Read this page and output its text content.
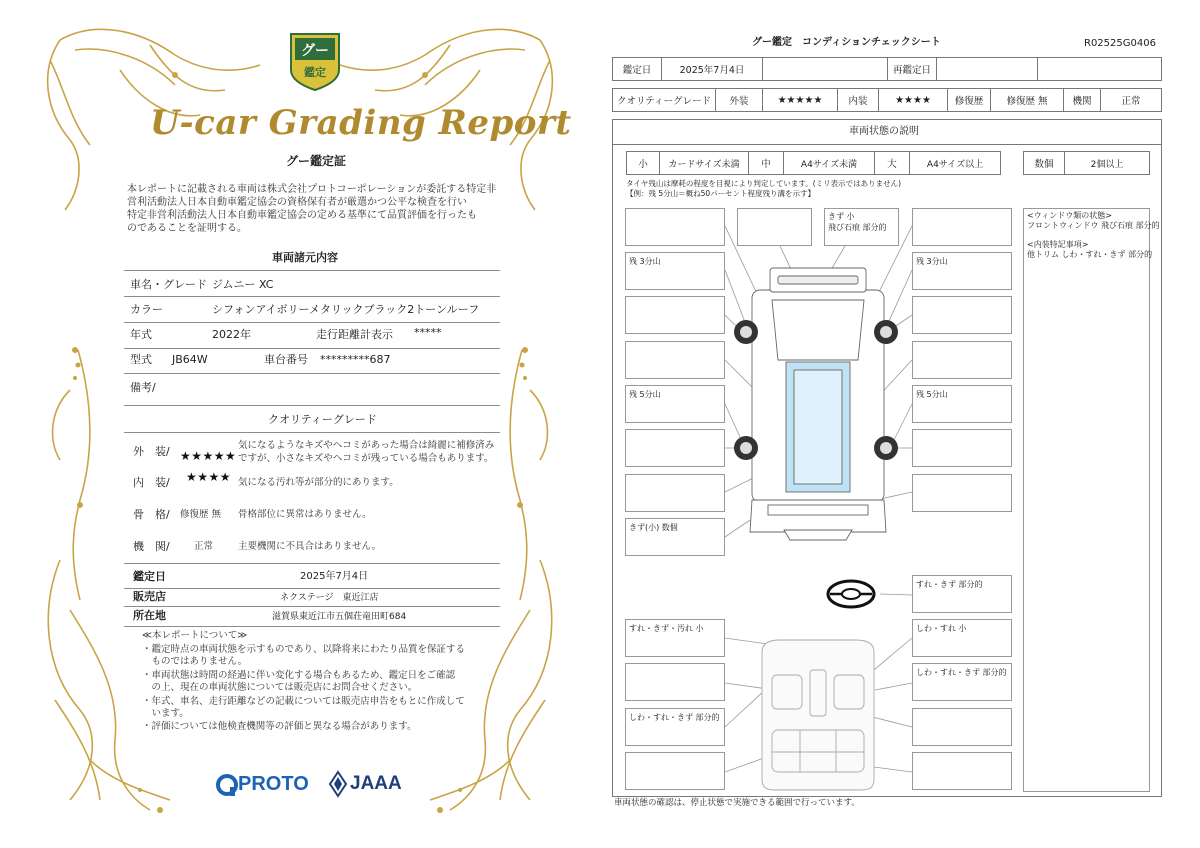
グー
鑑定
U-car Grading Report
グー鑑定証
本レポートに記載される車両は株式会社プロトコーポレーションが委託する特定非
営利活動法人日本自動車鑑定協会の資格保有者が厳選かつ公平な検査を行い
特定非営利活動法人日本自動車鑑定協会の定める基準にて品質評価を行ったも
のであることを証明する。
車両諸元内容
車名・グレード ジムニー XC
カラー	シフォンアイボリーメタリックブラック2トーンルーフ
年式	2022年	走行距離計表示 *****
型式 JB64W	車台番号 *********687
備考/
クオリティーグレード
外　装/ ★★★★★
気になるようなキズやヘコミがあった場合は綺麗に補修済み
ですが、小さなキズやヘコミが残っている場合もあります。
内　装/ ★★★★ 気になる汚れ等が部分的にあります。
骨　格/ 修復歴 無 骨格部位に異常はありません。
機　関/	正常	主要機関に不具合はありません。
鑑定日	2025年7月4日
販売店	ネクステージ　東近江店
所在地	滋賀県東近江市五個荘竜田町684
≪本レポートについて≫
・鑑定時点の車両状態を示すものであり、以降将来にわたり品質を保証する
　ものではありません。
・車両状態は時間の経過に伴い変化する場合もあるため、鑑定日をご確認
　の上、現在の車両状態については販売店にお問合せください。
・年式、車名、走行距離などの記載については販売店申告をもとに作成して
　います。
・評価については他検査機関等の評価と異なる場合があります。
PROTO JAAA
グー鑑定　コンディションチェックシート	R02525G0406
鑑定日	2025年7月4日	再鑑定日
クオリティーグレード	外装	★★★★★	内装	★★★★	修復歴	修復歴 無	機関	正常
車両状態の説明
小	カードサイズ未満	中	A4サイズ未満	大	A4サイズ以上	数個	2個以上
タイヤ残山は摩耗の程度を目視により判定しています。(ミリ表示ではありません)
【例：残 5分山＝概ね50パーセント程度残り溝を示す】
<ウィンドウ類の状態>
フロントウィンドウ 飛び石痕 部分的
<内装特記事項>
他トリム しわ・すれ・きず 部分的
残 3分山
残 5分山
きず(小) 数個
きず 小
飛び石痕 部分的
残 3分山
残 5分山
すれ・きず 部分的
すれ・きず・汚れ 小	しわ・すれ 小
しわ・すれ・きず 部分的
しわ・すれ・きず 部分的
車両状態の確認は、停止状態で実施できる範囲で行っています。
